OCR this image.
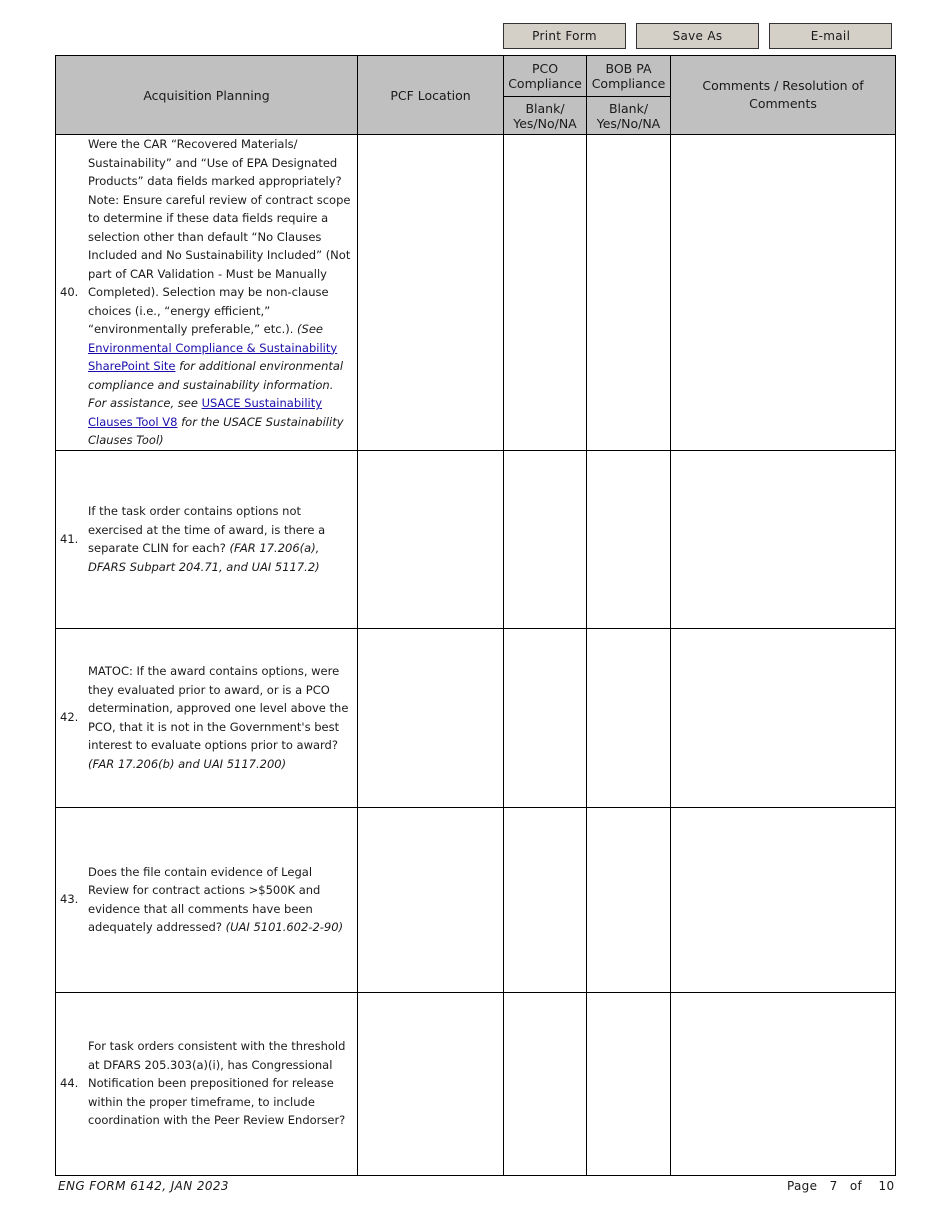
Print Form	Save As	E-mail
Acquisition Planning	PCF Location	PCO Compliance	BOB PA Compliance	Comments / Resolution of Comments
		Blank/ Yes/No/NA	Blank/ Yes/No/NA	

40.
Were the CAR “Recovered Materials/ Sustainability” and “Use of EPA Designated Products” data fields marked appropriately? Note: Ensure careful review of contract scope to determine if these data fields require a selection other than default “No Clauses Included and No Sustainability Included” (Not part of CAR Validation - Must be Manually Completed). Selection may be non-clause choices (i.e., “energy efficient,” “environmentally preferable,” etc.). (See Environmental Compliance & Sustainability SharePoint Site for additional environmental compliance and sustainability information. For assistance, see USACE Sustainability Clauses Tool V8 for the USACE Sustainability Clauses Tool)				

41.
If the task order contains options not exercised at the time of award, is there a separate CLIN for each? (FAR 17.206(a), DFARS Subpart 204.71, and UAI 5117.2)				

42.
MATOC: If the award contains options, were they evaluated prior to award, or is a PCO determination, approved one level above the PCO, that it is not in the Government's best interest to evaluate options prior to award? (FAR 17.206(b) and UAI 5117.200)				

43.
Does the file contain evidence of Legal Review for contract actions >$500K and evidence that all comments have been adequately addressed? (UAI 5101.602-2-90)				

44.
For task orders consistent with the threshold at DFARS 205.303(a)(i), has Congressional Notification been prepositioned for release within the proper timeframe, to include coordination with the Peer Review Endorser?				

ENG FORM 6142, JAN 2023	Page 7 of 10
